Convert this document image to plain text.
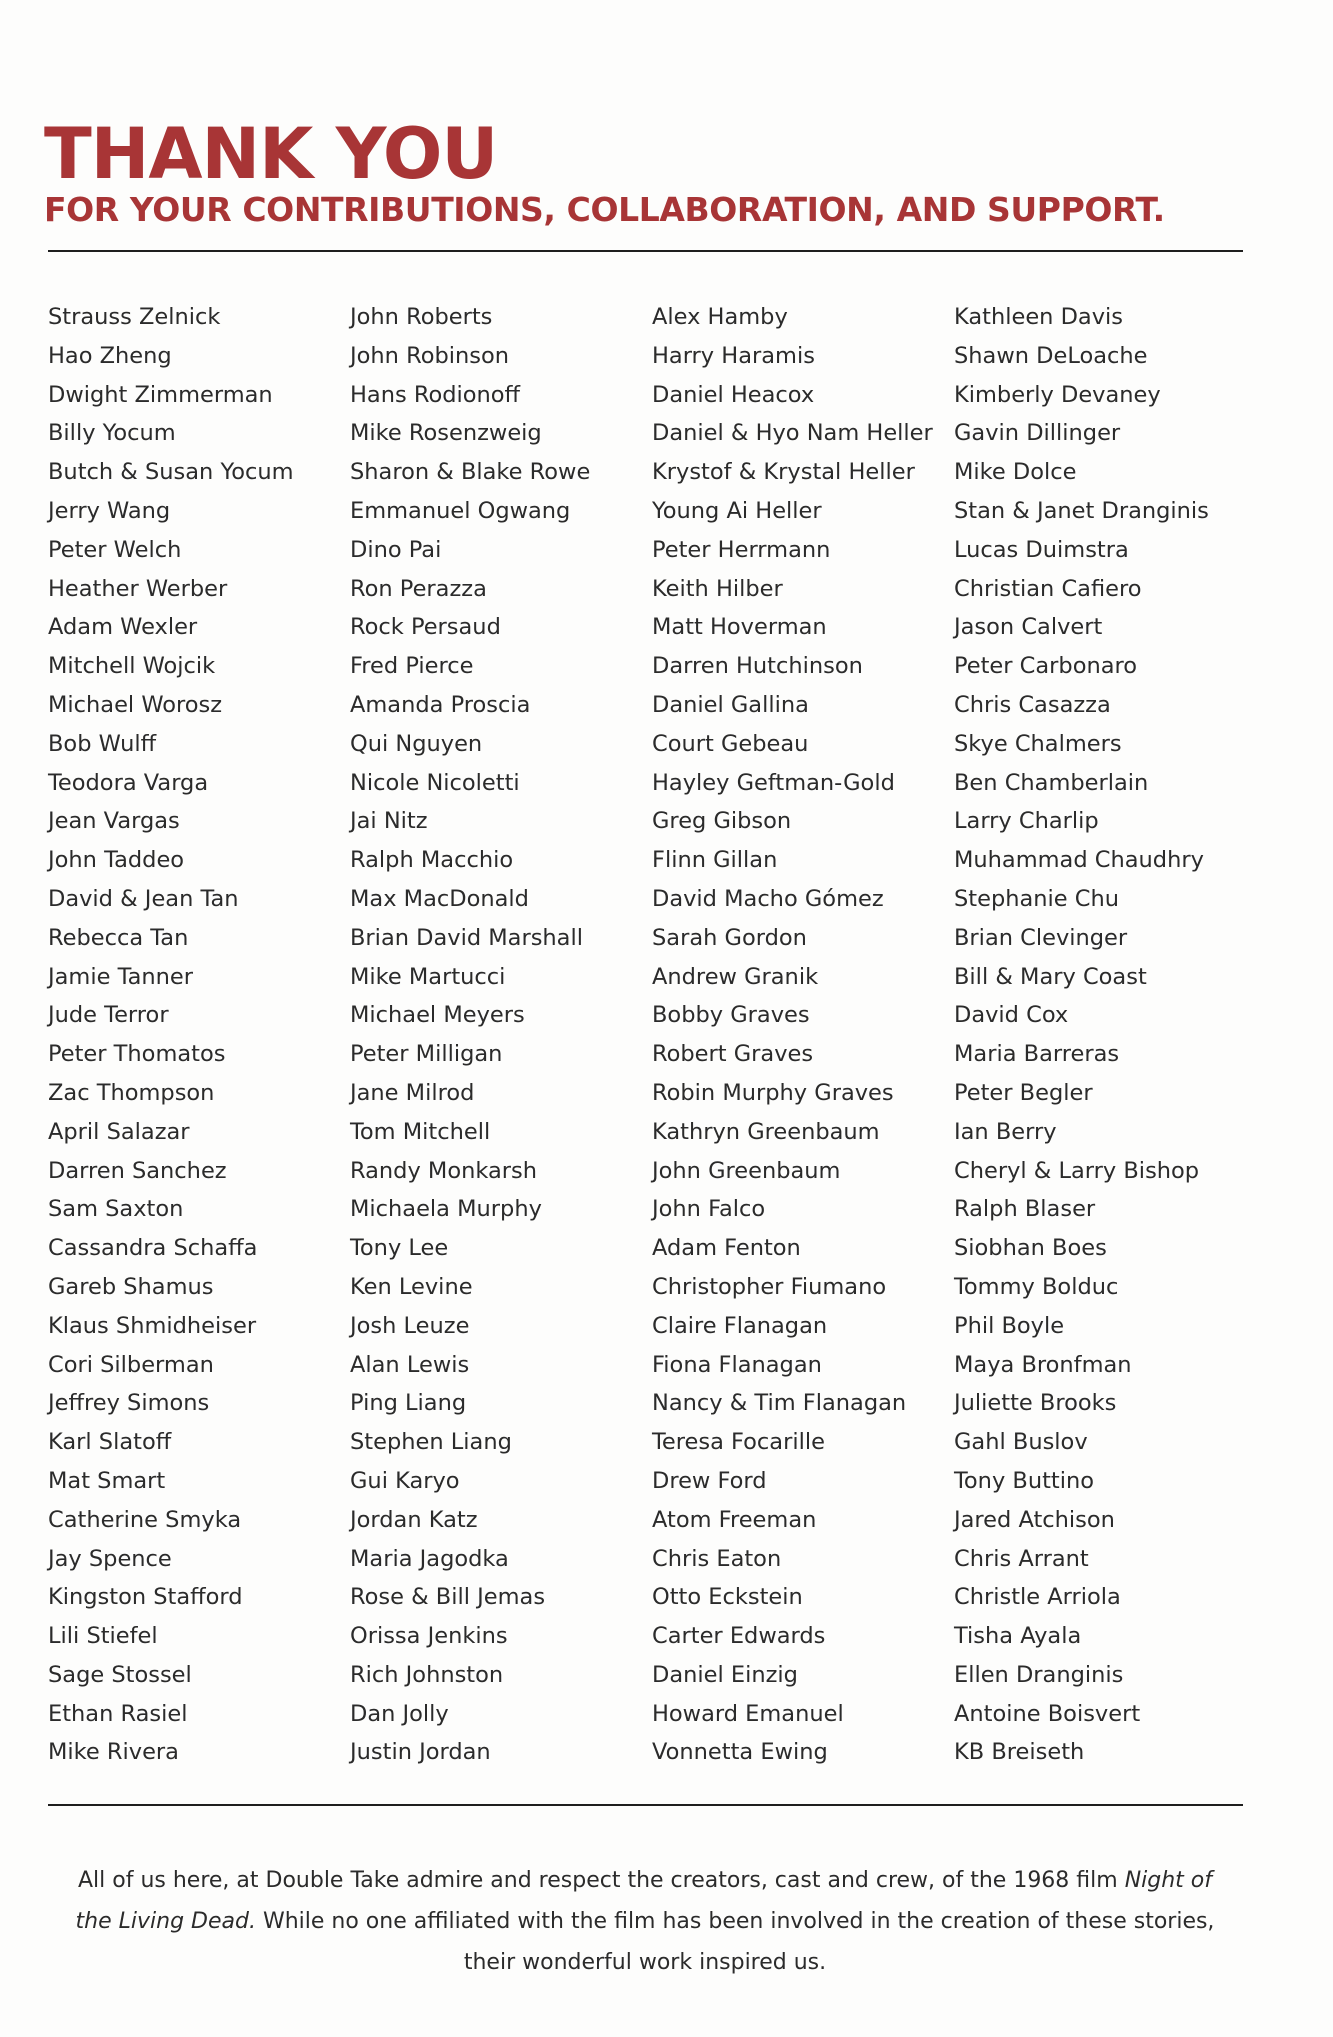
THANK YOU
FOR YOUR CONTRIBUTIONS, COLLABORATION, AND SUPPORT.
Strauss Zelnick
Hao Zheng
Dwight Zimmerman
Billy Yocum
Butch & Susan Yocum
Jerry Wang
Peter Welch
Heather Werber
Adam Wexler
Mitchell Wojcik
Michael Worosz
Bob Wulff
Teodora Varga
Jean Vargas
John Taddeo
David & Jean Tan
Rebecca Tan
Jamie Tanner
Jude Terror
Peter Thomatos
Zac Thompson
April Salazar
Darren Sanchez
Sam Saxton
Cassandra Schaffa
Gareb Shamus
Klaus Shmidheiser
Cori Silberman
Jeffrey Simons
Karl Slatoff
Mat Smart
Catherine Smyka
Jay Spence
Kingston Stafford
Lili Stiefel
Sage Stossel
Ethan Rasiel
Mike Rivera
John Roberts
John Robinson
Hans Rodionoff
Mike Rosenzweig
Sharon & Blake Rowe
Emmanuel Ogwang
Dino Pai
Ron Perazza
Rock Persaud
Fred Pierce
Amanda Proscia
Qui Nguyen
Nicole Nicoletti
Jai Nitz
Ralph Macchio
Max MacDonald
Brian David Marshall
Mike Martucci
Michael Meyers
Peter Milligan
Jane Milrod
Tom Mitchell
Randy Monkarsh
Michaela Murphy
Tony Lee
Ken Levine
Josh Leuze
Alan Lewis
Ping Liang
Stephen Liang
Gui Karyo
Jordan Katz
Maria Jagodka
Rose & Bill Jemas
Orissa Jenkins
Rich Johnston
Dan Jolly
Justin Jordan
Alex Hamby
Harry Haramis
Daniel Heacox
Daniel & Hyo Nam Heller
Krystof & Krystal Heller
Young Ai Heller
Peter Herrmann
Keith Hilber
Matt Hoverman
Darren Hutchinson
Daniel Gallina
Court Gebeau
Hayley Geftman-Gold
Greg Gibson
Flinn Gillan
David Macho Gómez
Sarah Gordon
Andrew Granik
Bobby Graves
Robert Graves
Robin Murphy Graves
Kathryn Greenbaum
John Greenbaum
John Falco
Adam Fenton
Christopher Fiumano
Claire Flanagan
Fiona Flanagan
Nancy & Tim Flanagan
Teresa Focarille
Drew Ford
Atom Freeman
Chris Eaton
Otto Eckstein
Carter Edwards
Daniel Einzig
Howard Emanuel
Vonnetta Ewing
Kathleen Davis
Shawn DeLoache
Kimberly Devaney
Gavin Dillinger
Mike Dolce
Stan & Janet Dranginis
Lucas Duimstra
Christian Cafiero
Jason Calvert
Peter Carbonaro
Chris Casazza
Skye Chalmers
Ben Chamberlain
Larry Charlip
Muhammad Chaudhry
Stephanie Chu
Brian Clevinger
Bill & Mary Coast
David Cox
Maria Barreras
Peter Begler
Ian Berry
Cheryl & Larry Bishop
Ralph Blaser
Siobhan Boes
Tommy Bolduc
Phil Boyle
Maya Bronfman
Juliette Brooks
Gahl Buslov
Tony Buttino
Jared Atchison
Chris Arrant
Christle Arriola
Tisha Ayala
Ellen Dranginis
Antoine Boisvert
KB Breiseth

All of us here, at Double Take admire and respect the creators, cast and crew, of the 1968 film Night of the Living Dead. While no one affiliated with the film has been involved in the creation of these stories, their wonderful work inspired us.
